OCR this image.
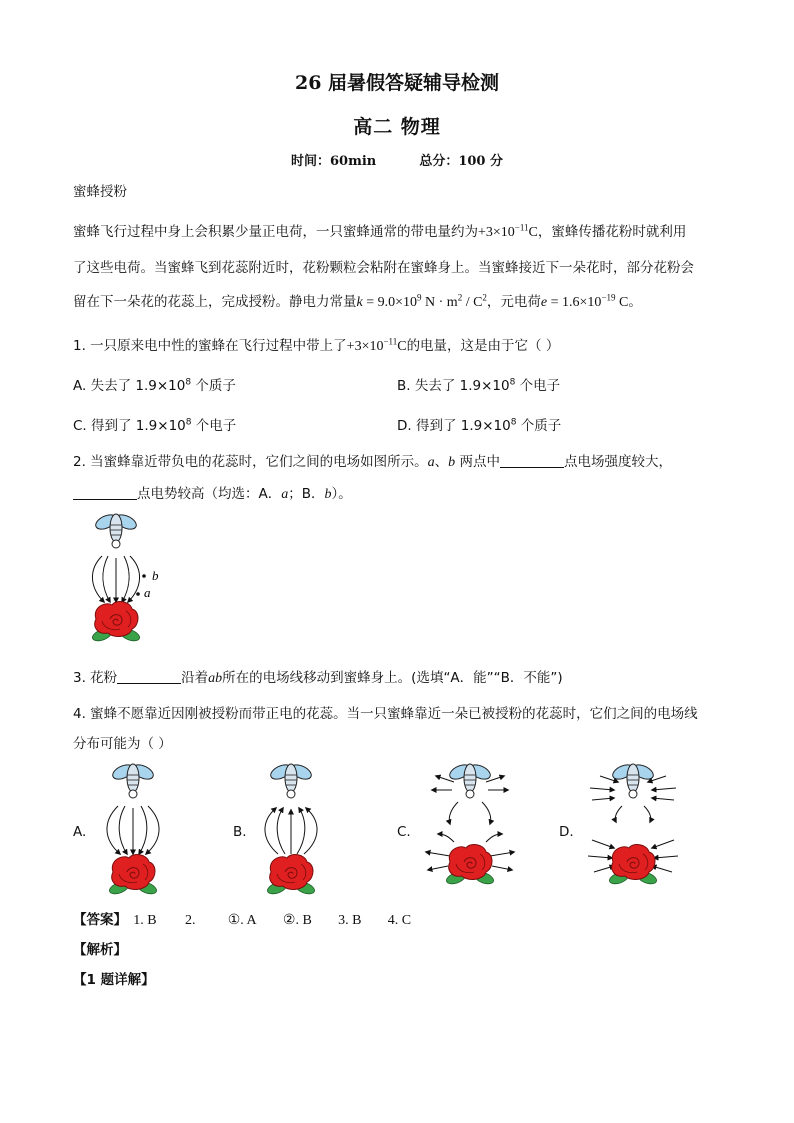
26 届暑假答疑辅导检测
高二 物理
时间：60min	总分：100 分
蜜蜂授粉
蜜蜂飞行过程中身上会积累少量正电荷，一只蜜蜂通常的带电量约为$+3\times 10^{-11}C$，蜜蜂传播花粉时就利用
了这些电荷。当蜜蜂飞到花蕊附近时，花粉颗粒会粘附在蜜蜂身上。当蜜蜂接近下一朵花时，部分花粉会
留在下一朵花的花蕊上，完成授粉。静电力常量$k = 9.0\times 10^9$ $N \cdot m^2 / C^2$，元电荷$e = 1.6\times 10^{-19}$ C。
1. 一只原来电中性的蜜蜂在飞行过程中带上了$+3\times 10^{-11}C$的电量，这是由于它（ ）
A. 失去了 $1.9\times 10^8$ 个质子	B. 失去了 $1.9\times 10^8$ 个电子
C. 得到了 $1.9\times 10^8$ 个电子	D. 得到了 $1.9\times 10^8$ 个质子
2. 当蜜蜂靠近带负电的花蕊时，它们之间的电场如图所示。a、b 两点中	点电场强度较大，
点电势较高（均选：A．a；B．b）。
b
a
3. 花粉	沿着ab所在的电场线移动到蜜蜂身上。(选填“A．能”“B．不能”)
4. 蜜蜂不愿靠近因刚被授粉而带正电的花蕊。当一只蜜蜂靠近一朵已被授粉的花蕊时，它们之间的电场线
分布可能为（ ）
A.	B.	C.	D.
【答案】 1. B 2. ①. A ②. B 3. B 4. C
【解析】
【1 题详解】
